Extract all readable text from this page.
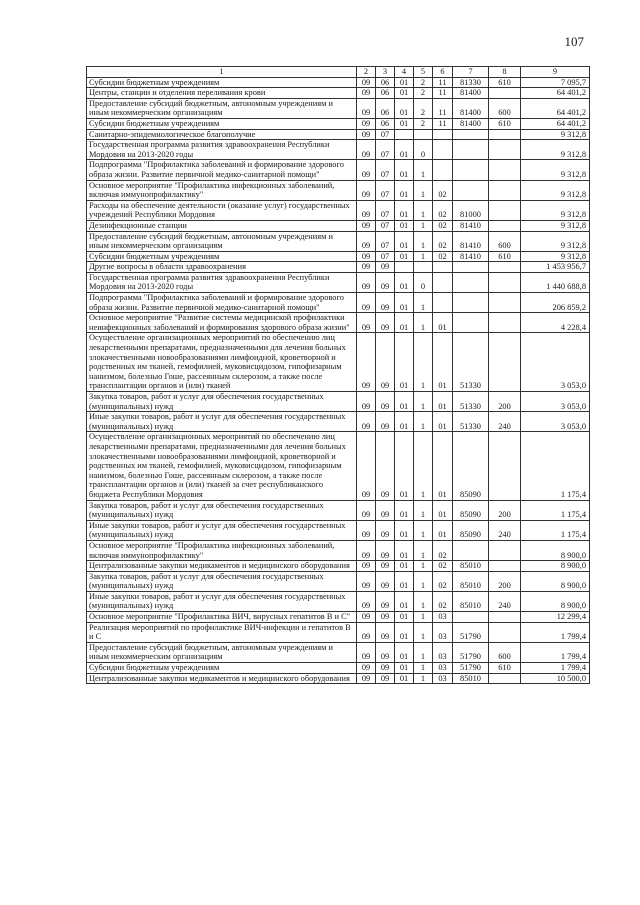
107
1	2	3	4	5	6	7	8	9
Субсидии бюджетным учреждениям	09	06	01	2	11	81330	610	7 095,7
Центры, станции и отделения переливания крови	09	06	01	2	11	81400		64 401,2
Предоставление субсидий бюджетным, автономным учреждениям и иным некоммерческим организациям	09	06	01	2	11	81400	600	64 401,2
Субсидии бюджетным учреждениям	09	06	01	2	11	81400	610	64 401,2
Санитарно-эпидемиологическое благополучие	09	07						9 312,8
Государственная программа развития здравоохранения Республики Мордовия на 2013-2020 годы	09	07	01	0				9 312,8
Подпрограмма "Профилактика заболеваний и формирование здорового образа жизни. Развитие первичной медико-санитарной помощи"	09	07	01	1				9 312,8
Основное мероприятие "Профилактика инфекционных заболеваний, включая иммунопрофилактику"	09	07	01	1	02			9 312,8
Расходы на обеспечение деятельности (оказание услуг) государственных учреждений Республики Мордовия	09	07	01	1	02	81000		9 312,8
Дезинфекционные станции	09	07	01	1	02	81410		9 312,8
Предоставление субсидий бюджетным, автономным учреждениям и иным некоммерческим организациям	09	07	01	1	02	81410	600	9 312,8
Субсидии бюджетным учреждениям	09	07	01	1	02	81410	610	9 312,8
Другие вопросы в области здравоохранения	09	09						1 453 956,7
Государственная программа развития здравоохранения Республики Мордовия на 2013-2020 годы	09	09	01	0				1 440 688,8
Подпрограмма "Профилактика заболеваний и формирование здорового образа жизни. Развитие первичной медико-санитарной помощи"	09	09	01	1				206 859,2
Основное мероприятие "Развитие системы медицинской профилактики неинфекционных заболеваний и формирования здорового образа жизни"	09	09	01	1	01			4 228,4
Осуществление организационных мероприятий по обеспечению лиц лекарственными препаратами, предназначенными для лечения больных злокачественными новообразованиями лимфоидной, кроветворной и родственных им тканей, гемофилией, муковисцидозом, гипофизарным нанизмом, болезнью Гоше, рассеянным склерозом, а также после трансплантации органов и (или) тканей	09	09	01	1	01	51330		3 053,0
Закупка товаров, работ и услуг для обеспечения государственных (муниципальных) нужд	09	09	01	1	01	51330	200	3 053,0
Иные закупки товаров, работ и услуг для обеспечения государственных (муниципальных) нужд	09	09	01	1	01	51330	240	3 053,0
Осуществление организационных мероприятий по обеспечению лиц лекарственными препаратами, предназначенными для лечения больных злокачественными новообразованиями лимфоидной, кроветворной и родственных им тканей, гемофилией, муковисцидозом, гипофизарным нанизмом, болезнью Гоше, рассеянным склерозом, а также после трансплантации органов и (или) тканей за счет республиканского бюджета Республики Мордовия	09	09	01	1	01	85090		1 175,4
Закупка товаров, работ и услуг для обеспечения государственных (муниципальных) нужд	09	09	01	1	01	85090	200	1 175,4
Иные закупки товаров, работ и услуг для обеспечения государственных (муниципальных) нужд	09	09	01	1	01	85090	240	1 175,4
Основное мероприятие "Профилактика инфекционных заболеваний, включая иммунопрофилактику"	09	09	01	1	02			8 900,0
Централизованные закупки медикаментов и медицинского оборудования	09	09	01	1	02	85010		8 900,0
Закупка товаров, работ и услуг для обеспечения государственных (муниципальных) нужд	09	09	01	1	02	85010	200	8 900,0
Иные закупки товаров, работ и услуг для обеспечения государственных (муниципальных) нужд	09	09	01	1	02	85010	240	8 900,0
Основное мероприятие "Профилактика ВИЧ, вирусных гепатитов В и С"	09	09	01	1	03			12 299,4
Реализация мероприятий по профилактике ВИЧ-инфекции и гепатитов В и С	09	09	01	1	03	51790		1 799,4
Предоставление субсидий бюджетным, автономным учреждениям и иным некоммерческим организациям	09	09	01	1	03	51790	600	1 799,4
Субсидии бюджетным учреждениям	09	09	01	1	03	51790	610	1 799,4
Централизованные закупки медикаментов и медицинского оборудования	09	09	01	1	03	85010		10 500,0
